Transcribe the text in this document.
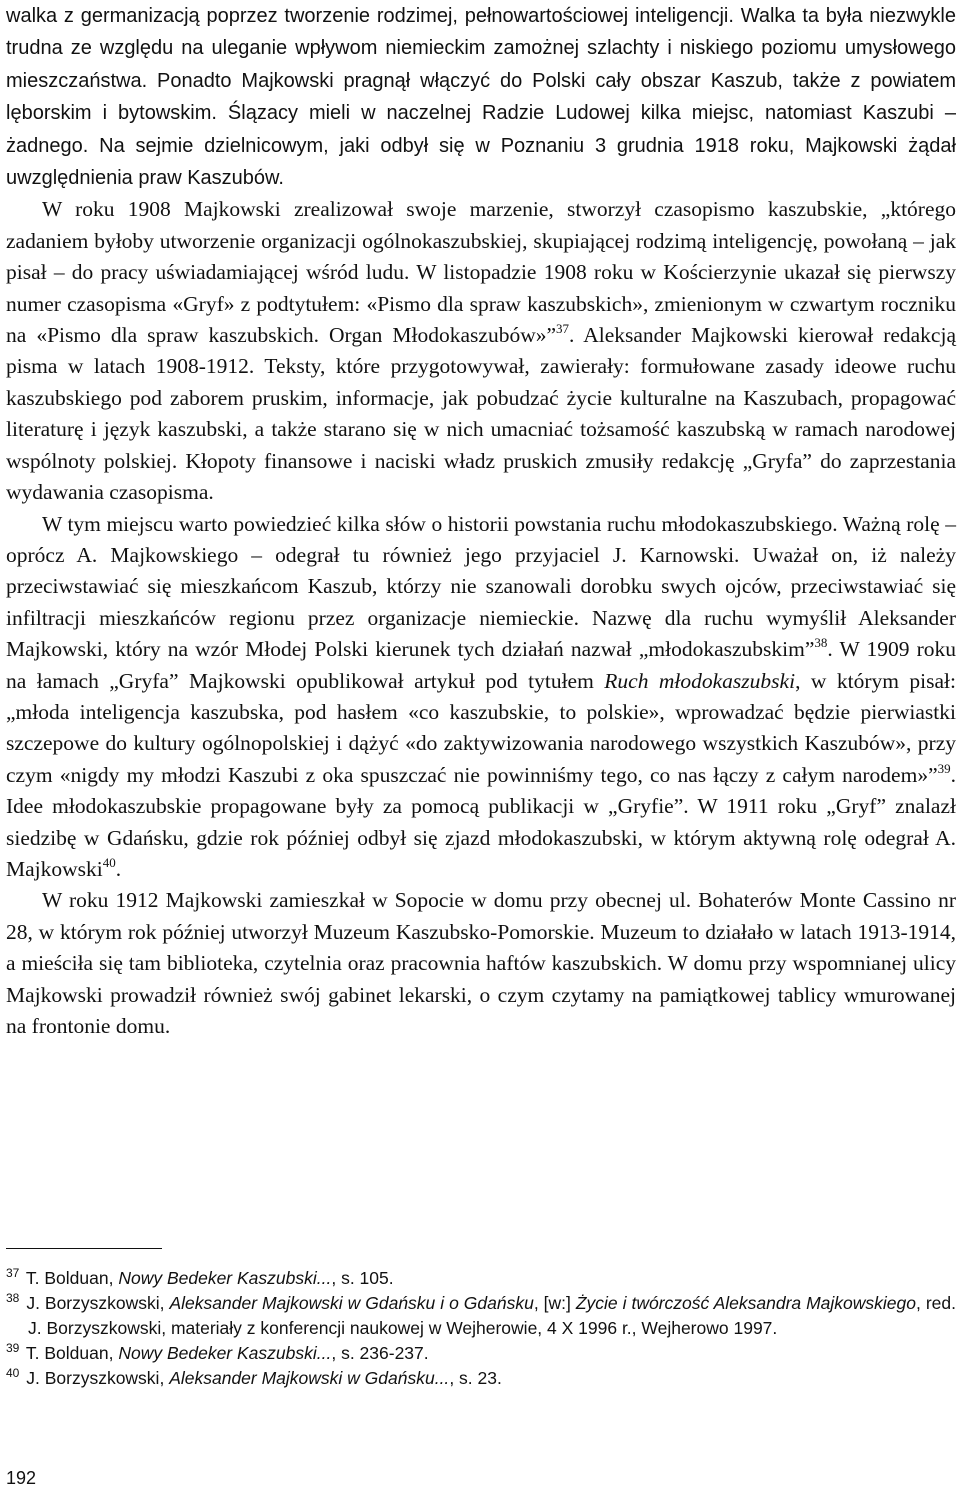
walka z germanizacją poprzez tworzenie rodzimej, pełnowartościowej inteligencji. Walka ta była niezwykle trudna ze względu na uleganie wpływom niemieckim zamożnej szlachty i niskiego poziomu umysłowego mieszczaństwa. Ponadto Majkowski pragnął włączyć do Polski cały obszar Kaszub, także z powiatem lęborskim i bytowskim. Ślązacy mieli w naczelnej Radzie Ludowej kilka miejsc, natomiast Kaszubi – żadnego. Na sejmie dzielnicowym, jaki odbył się w Poznaniu 3 grudnia 1918 roku, Majkowski żądał uwzględnienia praw Kaszubów.

W roku 1908 Majkowski zrealizował swoje marzenie, stworzył czasopismo kaszubskie, „którego zadaniem byłoby utworzenie organizacji ogólnokaszubskiej, skupiającej rodzimą inteligencję, powołaną – jak pisał – do pracy uświadamiającej wśród ludu. W listopadzie 1908 roku w Kościerzynie ukazał się pierwszy numer czasopisma «Gryf» z podtytułem: «Pismo dla spraw kaszubskich», zmienionym w czwartym roczniku na «Pismo dla spraw kaszubskich. Organ Młodokaszubów»”$^{37}$. Aleksander Majkowski kierował redakcją pisma w latach 1908-1912. Teksty, które przygotowywał, zawierały: formułowane zasady ideowe ruchu kaszubskiego pod zaborem pruskim, informacje, jak pobudzać życie kulturalne na Kaszubach, propagować literaturę i język kaszubski, a także starano się w nich umacniać tożsamość kaszubską w ramach narodowej wspólnoty polskiej. Kłopoty finansowe i naciski władz pruskich zmusiły redakcję „Gryfa” do zaprzestania wydawania czasopisma.

W tym miejscu warto powiedzieć kilka słów o historii powstania ruchu młodokaszubskiego. Ważną rolę – oprócz A. Majkowskiego – odegrał tu również jego przyjaciel J. Karnowski. Uważał on, iż należy przeciwstawiać się mieszkańcom Kaszub, którzy nie szanowali dorobku swych ojców, przeciwstawiać się infiltracji mieszkańców regionu przez organizacje niemieckie. Nazwę dla ruchu wymyślił Aleksander Majkowski, który na wzór Młodej Polski kierunek tych działań nazwał „młodokaszubskim”$^{38}$. W 1909 roku na łamach „Gryfa” Majkowski opublikował artykuł pod tytułem Ruch młodokaszubski, w którym pisał: „młoda inteligencja kaszubska, pod hasłem «co kaszubskie, to polskie», wprowadzać będzie pierwiastki szczepowe do kultury ogólnopolskiej i dążyć «do zaktywizowania narodowego wszystkich Kaszubów», przy czym «nigdy my młodzi Kaszubi z oka spuszczać nie powinniśmy tego, co nas łączy z całym narodem»”$^{39}$. Idee młodokaszubskie propagowane były za pomocą publikacji w „Gryfie”. W 1911 roku „Gryf” znalazł siedzibę w Gdańsku, gdzie rok później odbył się zjazd młodokaszubski, w którym aktywną rolę odegrał A. Majkowski$^{40}$.

W roku 1912 Majkowski zamieszkał w Sopocie w domu przy obecnej ul. Bohaterów Monte Cassino nr 28, w którym rok później utworzył Muzeum Kaszubsko-Pomorskie. Muzeum to działało w latach 1913-1914, a mieściła się tam biblioteka, czytelnia oraz pracownia haftów kaszubskich. W domu przy wspomnianej ulicy Majkowski prowadził również swój gabinet lekarski, o czym czytamy na pamiątkowej tablicy wmurowanej na frontonie domu.

$^{37}$ T. Bolduan, Nowy Bedeker Kaszubski..., s. 105.

$^{38}$ J. Borzyszkowski, Aleksander Majkowski w Gdańsku i o Gdańsku, [w:] Życie i twórczość Aleksandra Majkowskiego, red. J. Borzyszkowski, materiały z konferencji naukowej w Wejherowie, 4 X 1996 r., Wejherowo 1997.

$^{39}$ T. Bolduan, Nowy Bedeker Kaszubski..., s. 236-237.

$^{40}$ J. Borzyszkowski, Aleksander Majkowski w Gdańsku..., s. 23.

192
